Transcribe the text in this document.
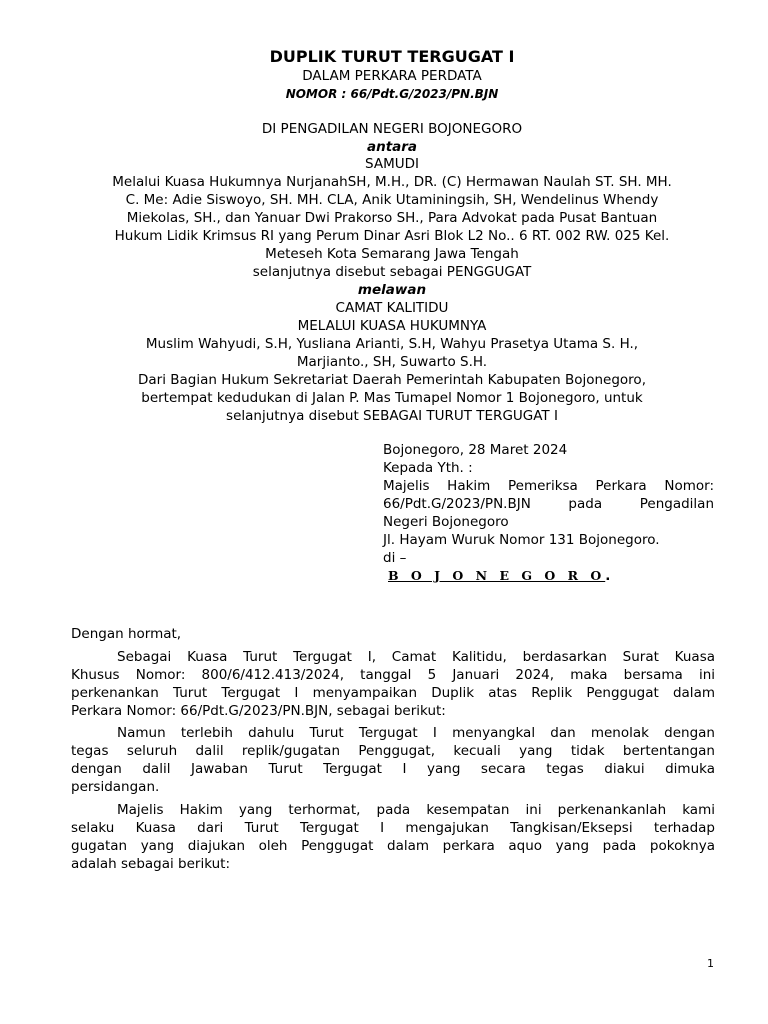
DUPLIK TURUT TERGUGAT I
DALAM PERKARA PERDATA
NOMOR : 66/Pdt.G/2023/PN.BJN
DI PENGADILAN NEGERI BOJONEGORO
antara
SAMUDI
Melalui Kuasa Hukumnya NurjanahSH, M.H., DR. (C) Hermawan Naulah ST. SH. MH.
C. Me: Adie Siswoyo, SH. MH. CLA, Anik Utaminingsih, SH, Wendelinus Whendy
Miekolas, SH., dan Yanuar Dwi Prakorso SH., Para Advokat pada Pusat Bantuan
Hukum Lidik Krimsus RI yang Perum Dinar Asri Blok L2 No.. 6 RT. 002 RW. 025 Kel.
Meteseh Kota Semarang Jawa Tengah
selanjutnya disebut sebagai PENGGUGAT
melawan
CAMAT KALITIDU
MELALUI KUASA HUKUMNYA
Muslim Wahyudi, S.H, Yusliana Arianti, S.H, Wahyu Prasetya Utama S. H.,
Marjianto., SH, Suwarto S.H.
Dari Bagian Hukum Sekretariat Daerah Pemerintah Kabupaten Bojonegoro,
bertempat kedudukan di Jalan P. Mas Tumapel Nomor 1 Bojonegoro, untuk
selanjutnya disebut SEBAGAI TURUT TERGUGAT I
Bojonegoro, 28 Maret 2024
Kepada Yth. :
Majelis Hakim Pemeriksa Perkara Nomor:
66/Pdt.G/2023/PN.BJN pada Pengadilan
Negeri Bojonegoro
Jl. Hayam Wuruk Nomor 131 Bojonegoro.
di –
B O J O N E G O R O.
Dengan hormat,
Sebagai Kuasa Turut Tergugat I, Camat Kalitidu, berdasarkan Surat Kuasa
Khusus Nomor: 800/6/412.413/2024, tanggal 5 Januari 2024, maka bersama ini
perkenankan Turut Tergugat I menyampaikan Duplik atas Replik Penggugat dalam
Perkara Nomor: 66/Pdt.G/2023/PN.BJN, sebagai berikut:
Namun terlebih dahulu Turut Tergugat I menyangkal dan menolak dengan
tegas seluruh dalil replik/gugatan Penggugat, kecuali yang tidak bertentangan
dengan dalil Jawaban Turut Tergugat I yang secara tegas diakui dimuka
persidangan.
Majelis Hakim yang terhormat, pada kesempatan ini perkenankanlah kami
selaku Kuasa dari Turut Tergugat I mengajukan Tangkisan/Eksepsi terhadap
gugatan yang diajukan oleh Penggugat dalam perkara aquo yang pada pokoknya
adalah sebagai berikut:
1
